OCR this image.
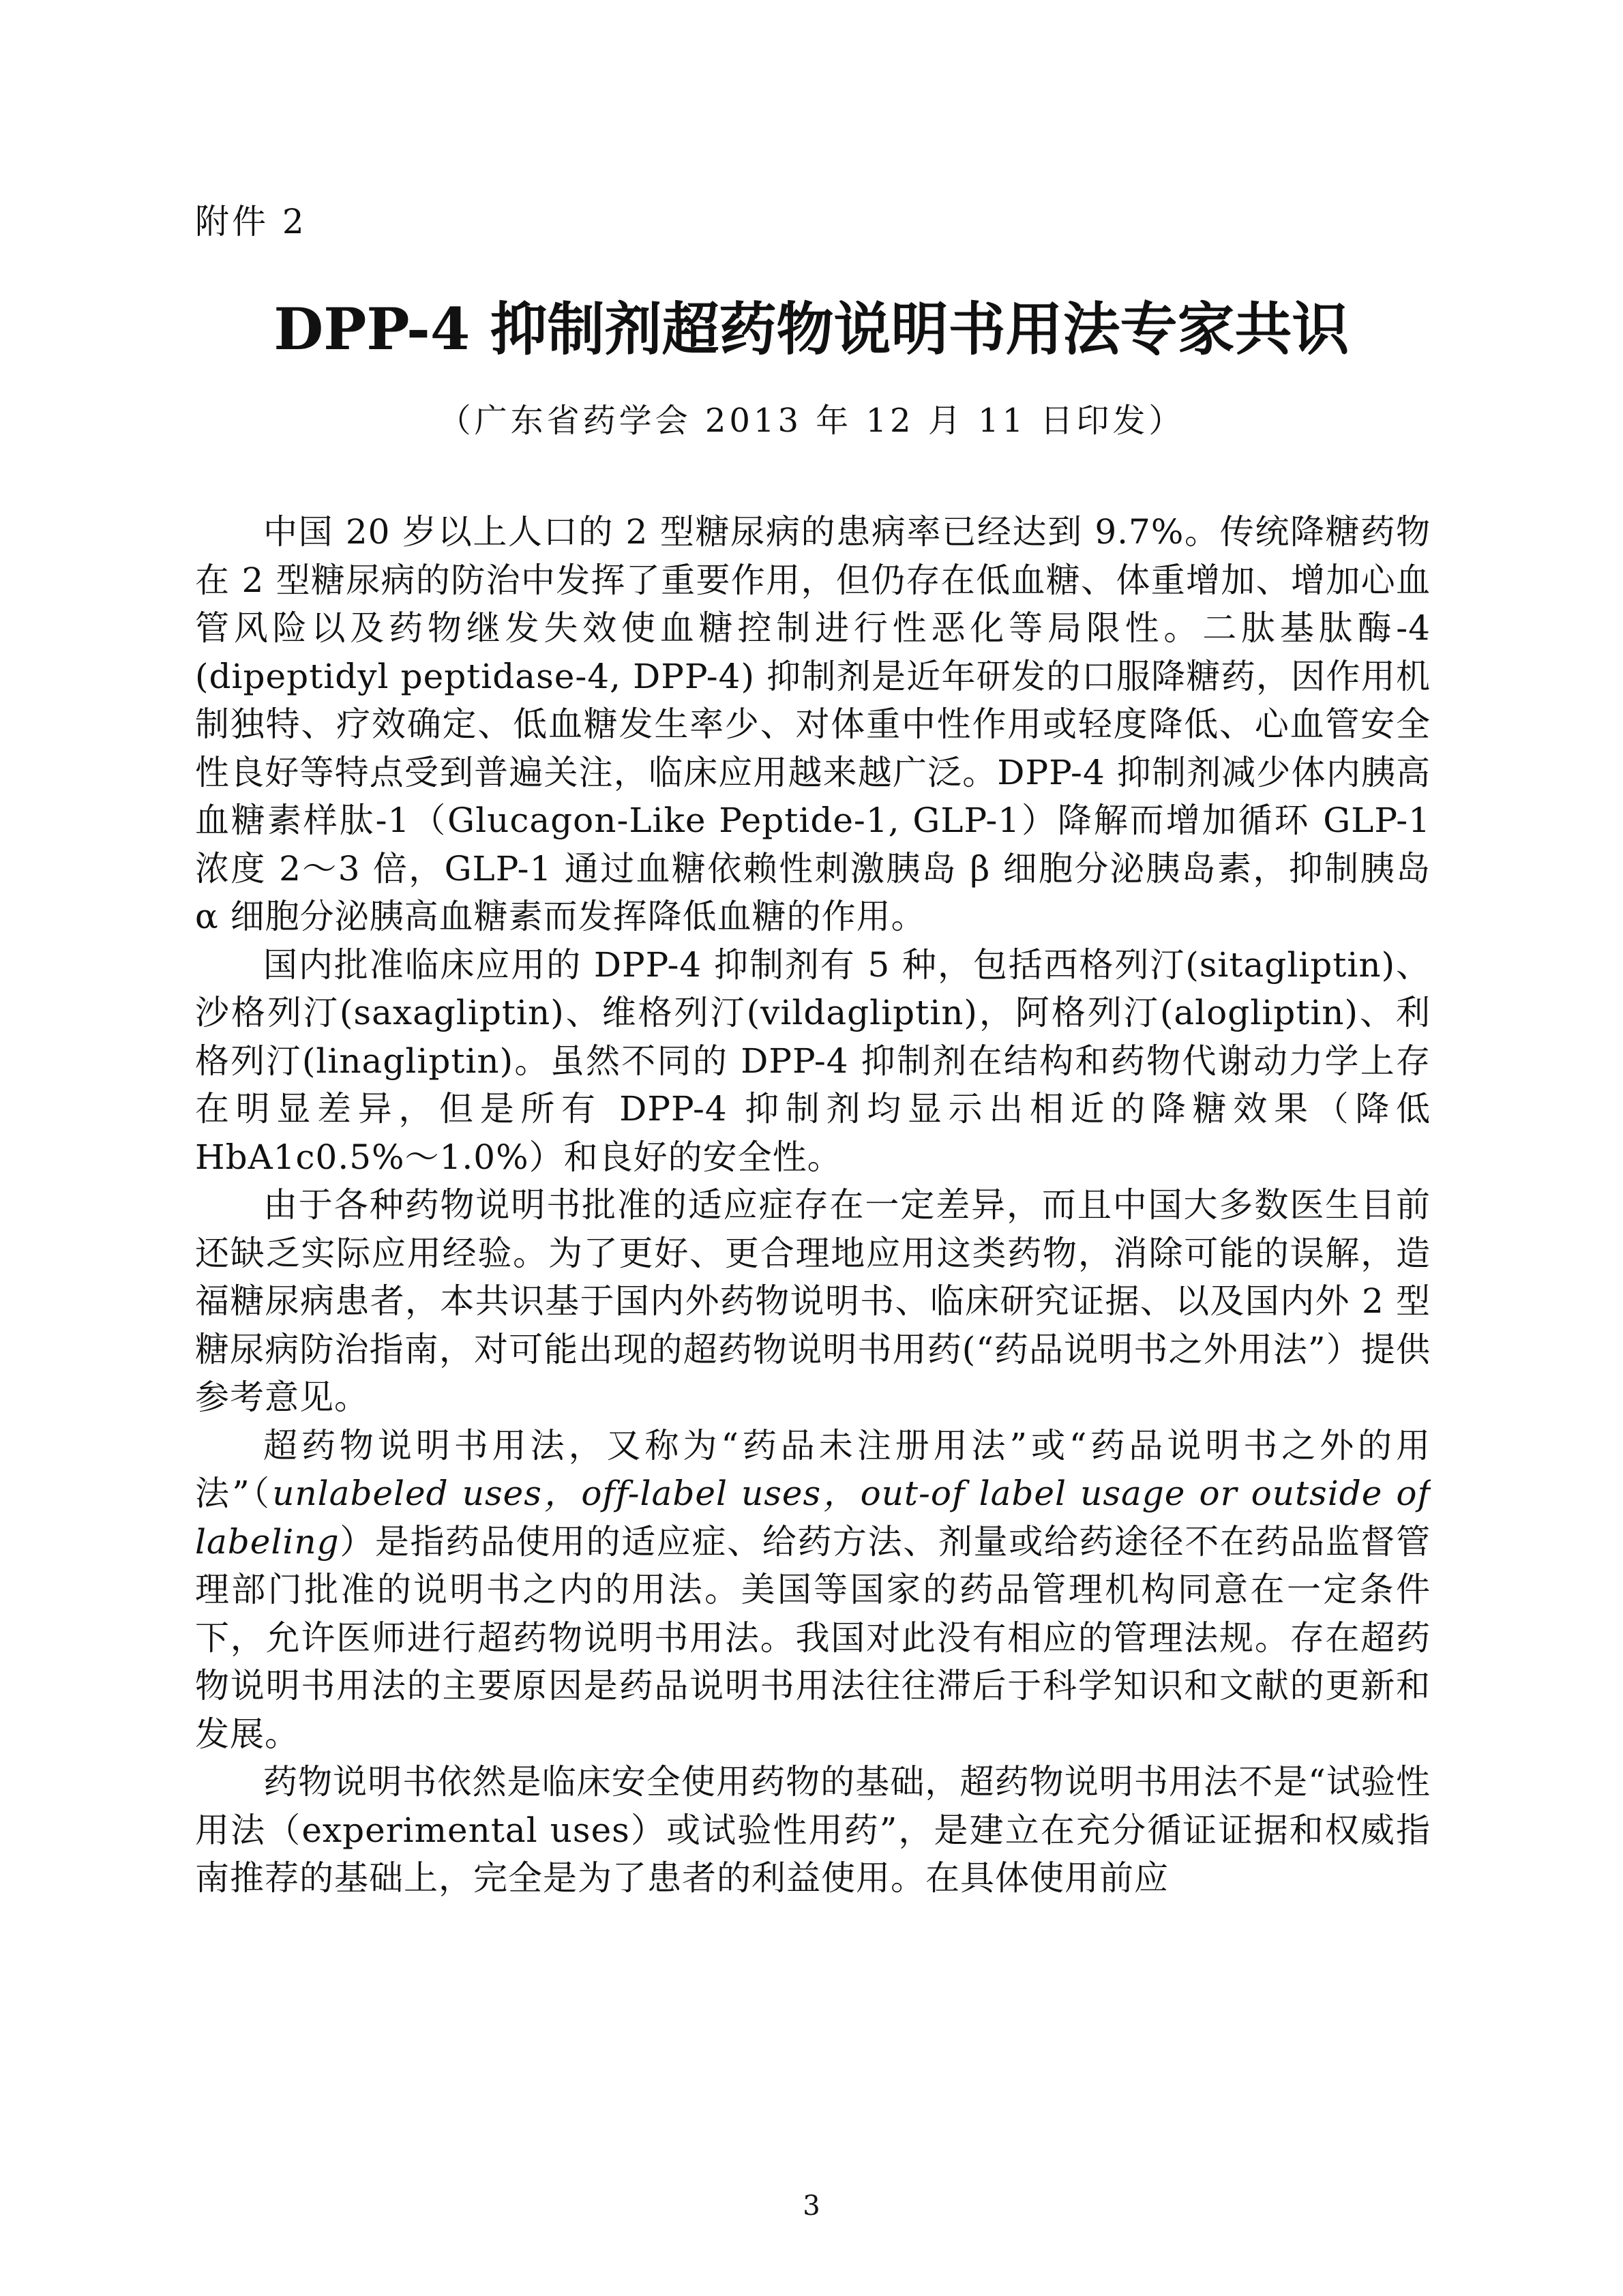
附件 2
DPP-4 抑制剂超药物说明书用法专家共识
（广东省药学会 2013 年 12 月 11 日印发）

中国 20 岁以上人口的 2 型糖尿病的患病率已经达到 9.7%。传统降糖药物在 2 型糖尿病的防治中发挥了重要作用，但仍存在低血糖、体重增加、增加心血管风险以及药物继发失效使血糖控制进行性恶化等局限性。二肽基肽酶-4 (dipeptidyl peptidase-4, DPP-4) 抑制剂是近年研发的口服降糖药，因作用机制独特、疗效确定、低血糖发生率少、对体重中性作用或轻度降低、心血管安全性良好等特点受到普遍关注，临床应用越来越广泛。DPP-4 抑制剂减少体内胰高血糖素样肽-1（Glucagon-Like Peptide-1, GLP-1）降解而增加循环 GLP-1 浓度 2～3 倍，GLP-1 通过血糖依赖性刺激胰岛 β 细胞分泌胰岛素，抑制胰岛 α 细胞分泌胰高血糖素而发挥降低血糖的作用。

国内批准临床应用的 DPP-4 抑制剂有 5 种，包括西格列汀(sitagliptin)、沙格列汀(saxagliptin)、维格列汀(vildagliptin)，阿格列汀(alogliptin)、利格列汀(linagliptin)。虽然不同的 DPP-4 抑制剂在结构和药物代谢动力学上存在明显差异，但是所有 DPP-4 抑制剂均显示出相近的降糖效果（降低 HbA1c0.5%～1.0%）和良好的安全性。

由于各种药物说明书批准的适应症存在一定差异，而且中国大多数医生目前还缺乏实际应用经验。为了更好、更合理地应用这类药物，消除可能的误解，造福糖尿病患者，本共识基于国内外药物说明书、临床研究证据、以及国内外 2 型糖尿病防治指南，对可能出现的超药物说明书用药(“药品说明书之外用法”）提供参考意见。

超药物说明书用法，又称为“药品未注册用法”或“药品说明书之外的用法”（unlabeled uses，off-label uses，out-of label usage or outside of labeling）是指药品使用的适应症、给药方法、剂量或给药途径不在药品监督管理部门批准的说明书之内的用法。美国等国家的药品管理机构同意在一定条件下，允许医师进行超药物说明书用法。我国对此没有相应的管理法规。存在超药物说明书用法的主要原因是药品说明书用法往往滞后于科学知识和文献的更新和发展。

药物说明书依然是临床安全使用药物的基础，超药物说明书用法不是“试验性用法（experimental uses）或试验性用药”，是建立在充分循证证据和权威指南推荐的基础上，完全是为了患者的利益使用。在具体使用前应

3
